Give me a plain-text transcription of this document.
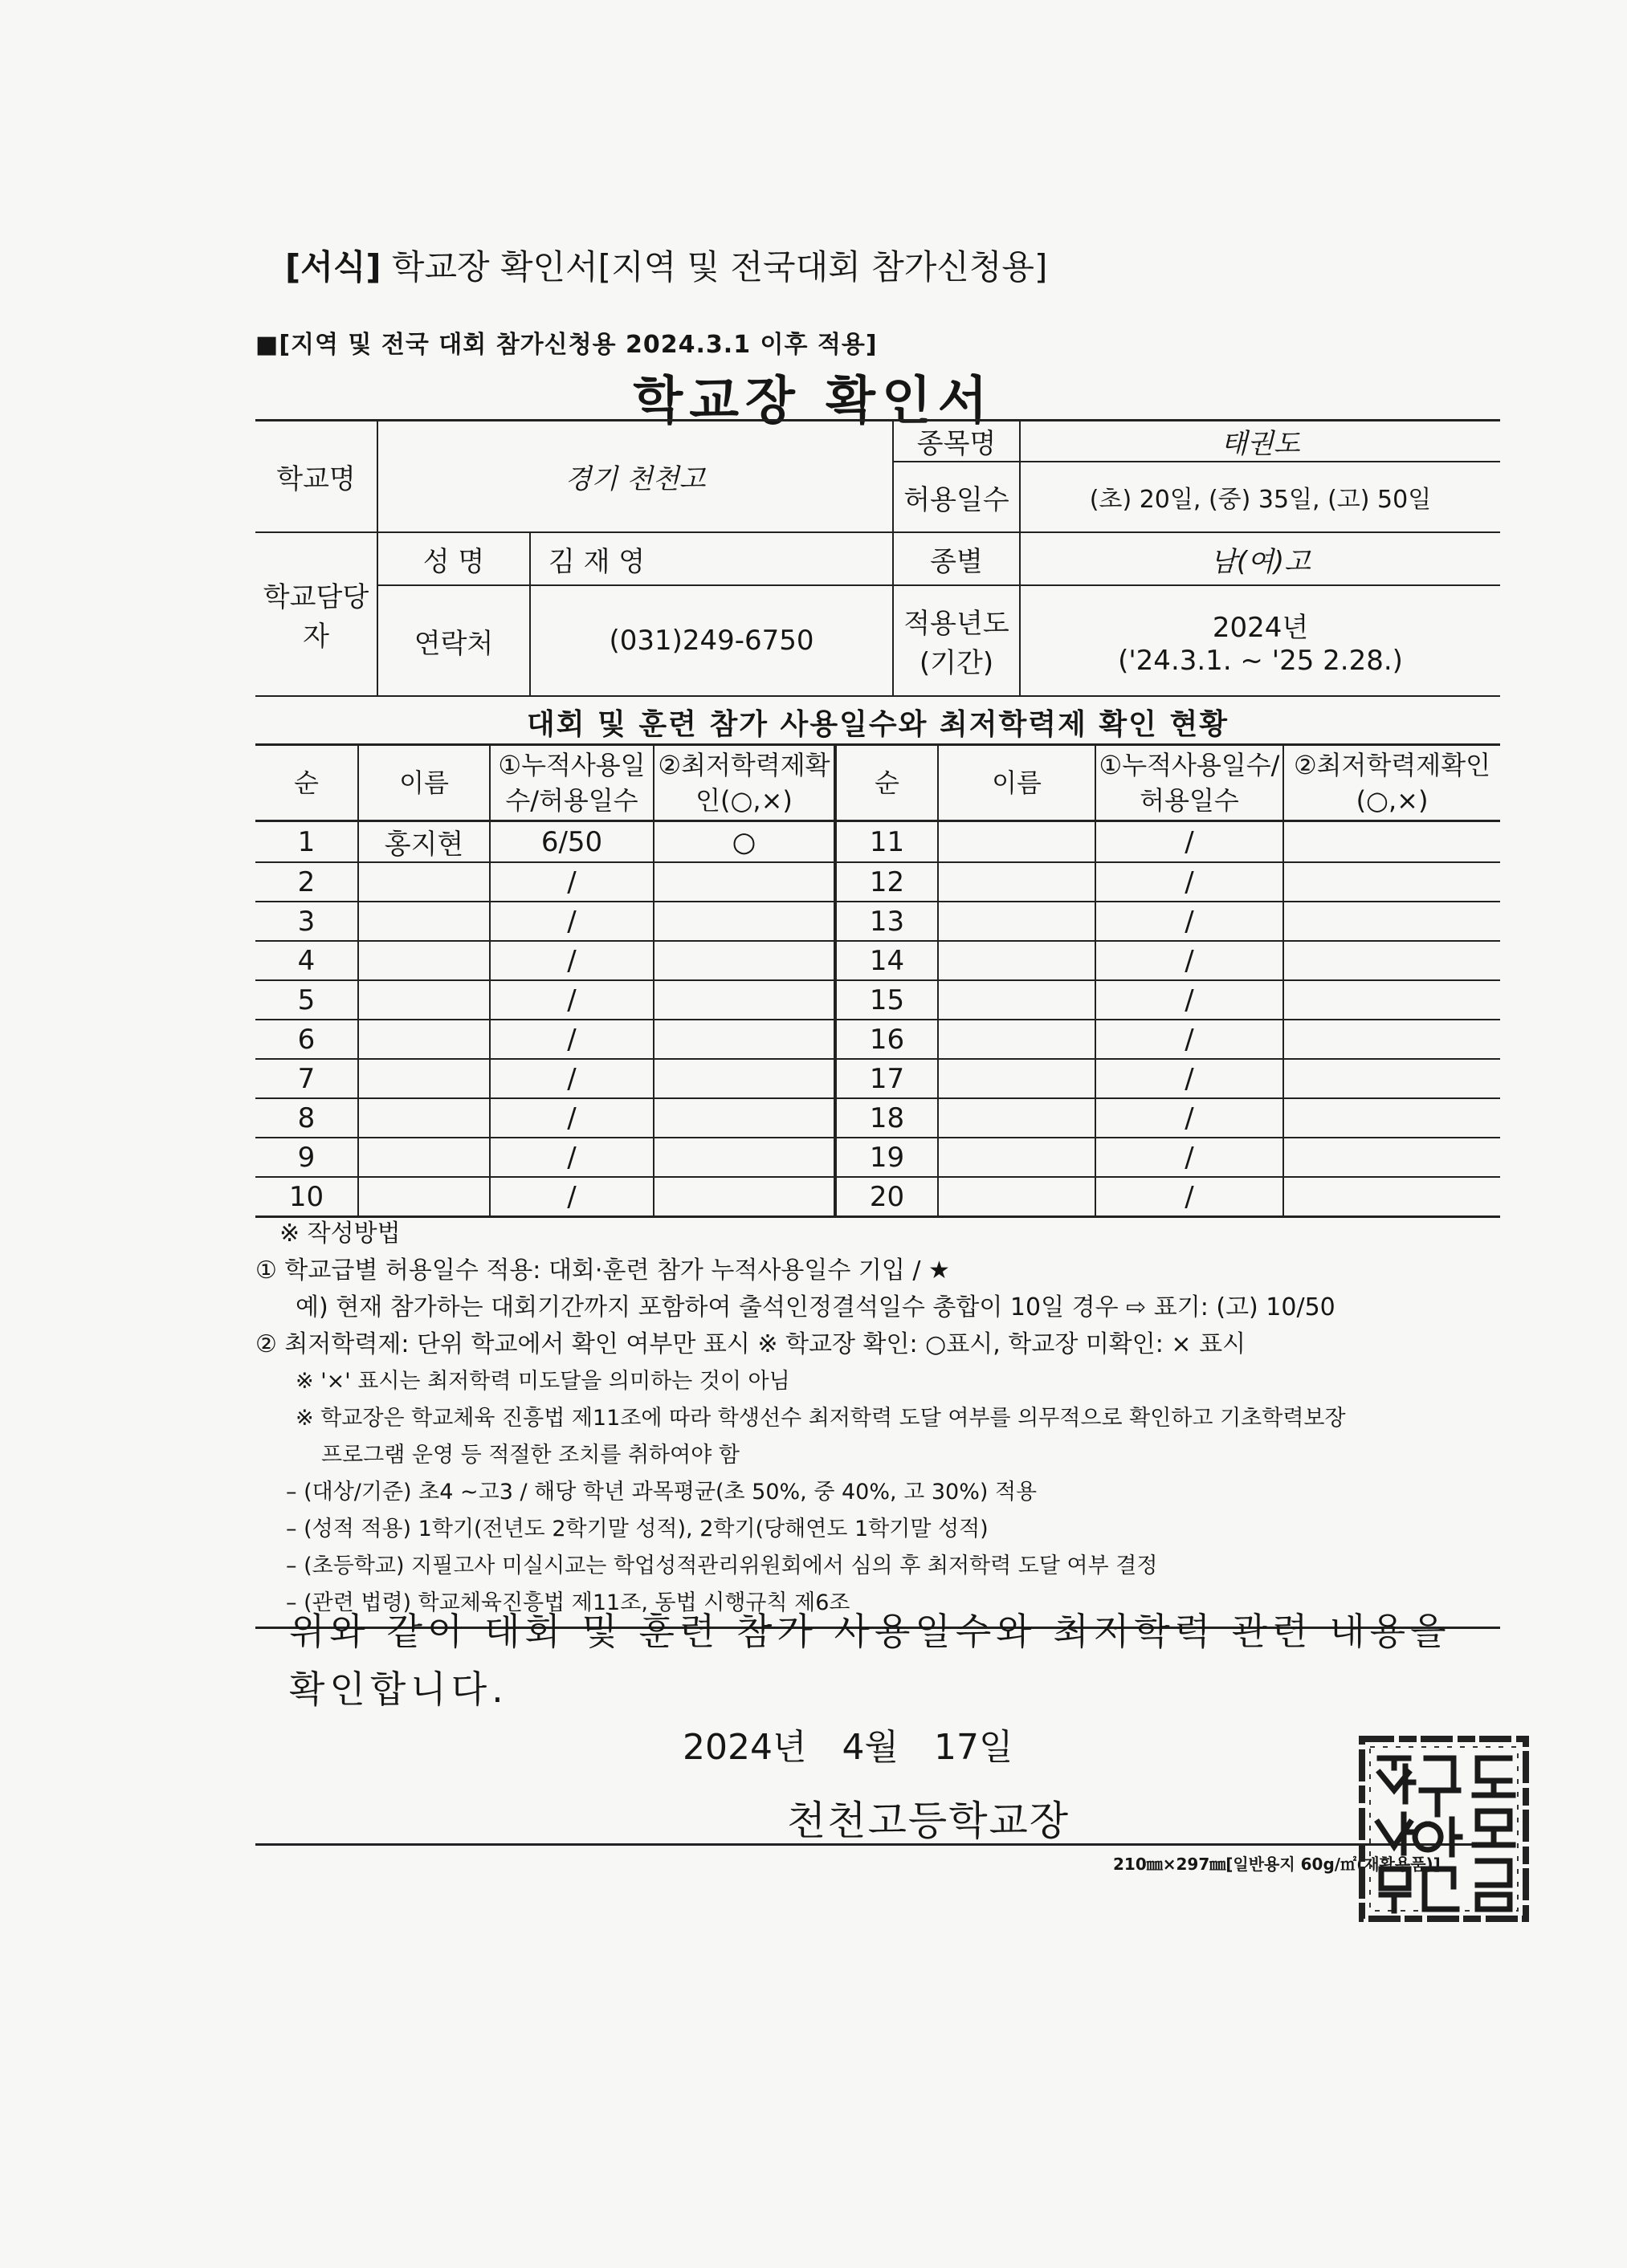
[서식] 학교장 확인서[지역 및 전국대회 참가신청용]
■[지역 및 전국 대회 참가신청용 2024.3.1 이후 적용]
학교장 확인서
학교명	경기 천천고		종목명	태권도
			허용일수	(초) 20일, (중) 35일, (고) 50일
학교담당자	성 명	김 재 영	종별	남(여)고
	연락처	(031)249-6750	적용년도(기간)	2024년
('24.3.1. ~ '25 2.28.)
대회 및 훈련 참가 사용일수와 최저학력제 확인 현황
순	이름	①누적사용일수/허용일수	②최저학력제확인(○,×)	순	이름	①누적사용일수/허용일수	②최저학력제확인(○,×)
1	홍지현	6/50	○	11		/	
2		/		12		/	
3		/		13		/	
4		/		14		/	
5		/		15		/	
6		/		16		/	
7		/		17		/	
8		/		18		/	
9		/		19		/	
10		/		20		/	

※ 작성방법

① 학교급별 허용일수 적용: 대회·훈련 참가 누적사용일수 기입 / ★

예) 현재 참가하는 대회기간까지 포함하여 출석인정결석일수 총합이 10일 경우 ⇨ 표기: (고) 10/50

② 최저학력제: 단위 학교에서 확인 여부만 표시 ※ 학교장 확인: ○표시, 학교장 미확인: × 표시

※ '×' 표시는 최저학력 미도달을 의미하는 것이 아님

※ 학교장은 학교체육 진흥법 제11조에 따라 학생선수 최저학력 도달 여부를 의무적으로 확인하고 기초학력보장

프로그램 운영 등 적절한 조치를 취하여야 함

– (대상/기준) 초4 ~고3 / 해당 학년 과목평균(초 50%, 중 40%, 고 30%) 적용

– (성적 적용) 1학기(전년도 2학기말 성적), 2학기(당해연도 1학기말 성적)

– (초등학교) 지필고사 미실시교는 학업성적관리위원회에서 심의 후 최저학력 도달 여부 결정

– (관련 법령) 학교체육진흥법 제11조, 동법 시행규칙 제6조

위와 같이 대회 및 훈련 참가 사용일수와 최저학력 관련 내용을 확인합니다.
2024년 4월 17일
천천고등학교장
210㎜×297㎜[일반용지 60g/㎡(재활용품)]
